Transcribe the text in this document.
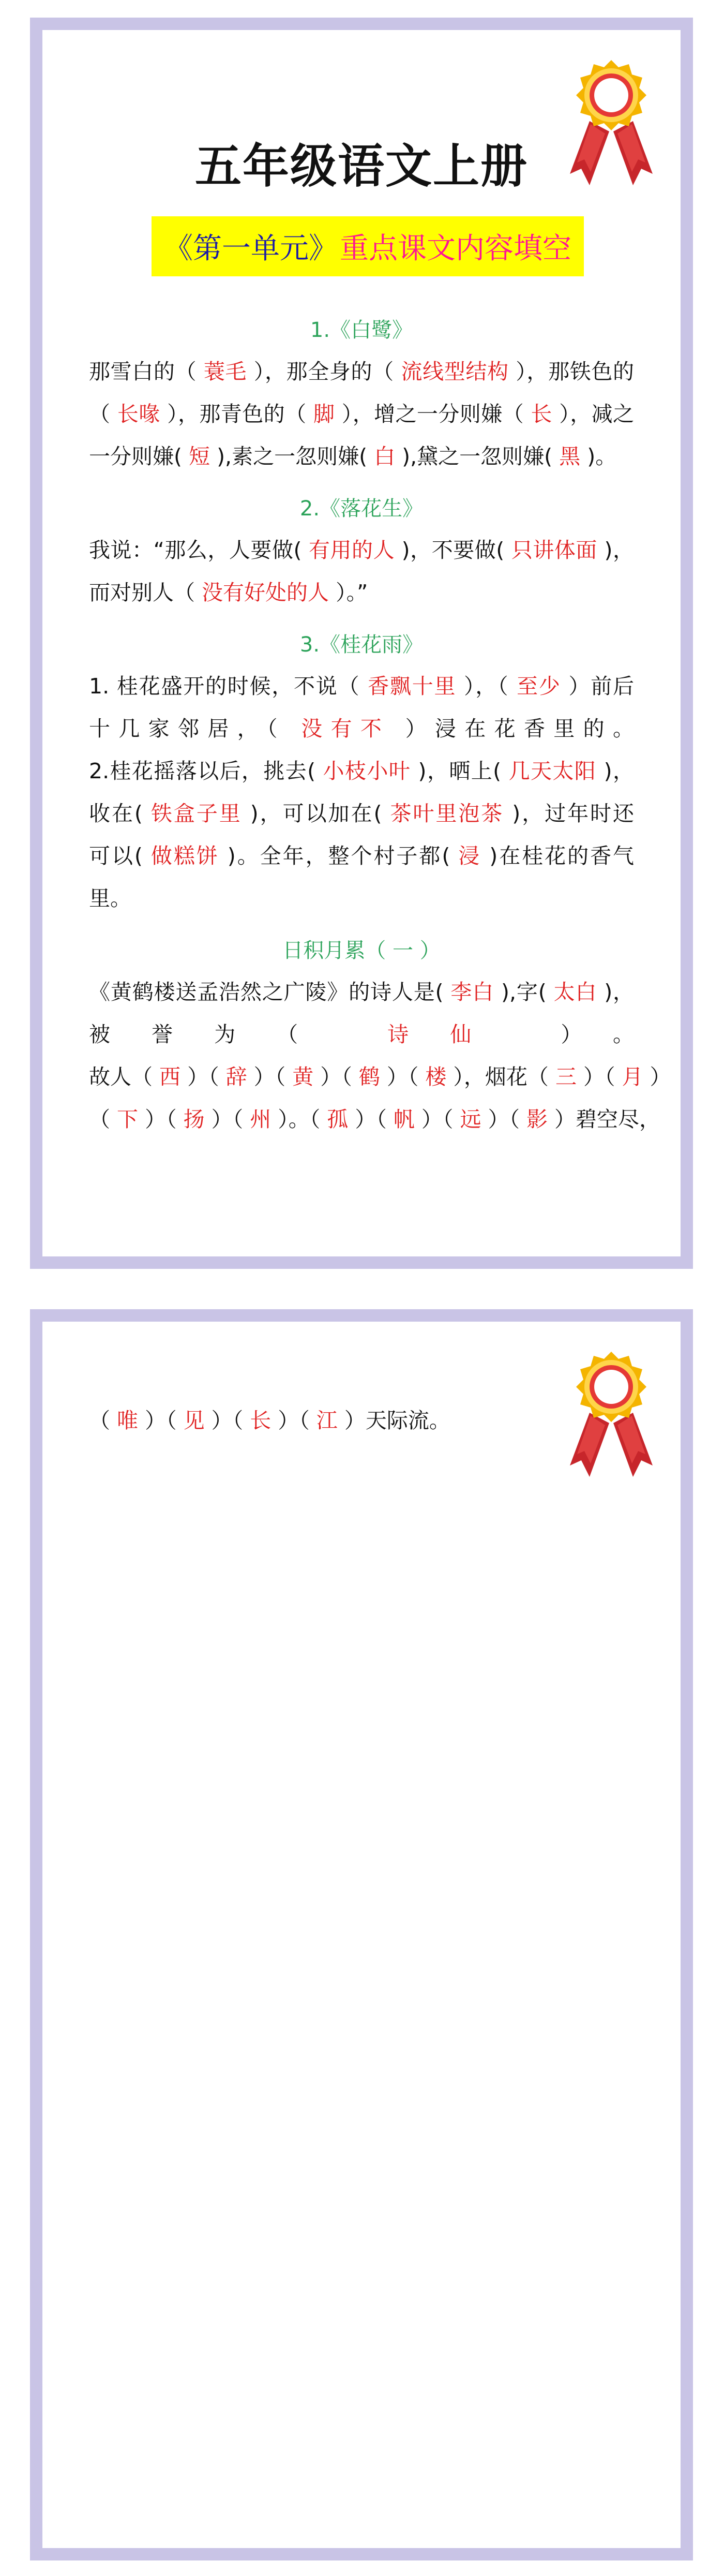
五年级语文上册
《第一单元》 重点课文内容填空
1.《白鹭》
那雪白的（ 蓑毛 ），那全身的（ 流线型结构 ），那铁色的
（ 长喙 ），那青色的（ 脚 ），增之一分则嫌（ 长 ），减之
一分则嫌( 短 ),素之一忽则嫌( 白 ),黛之一忽则嫌( 黑 )。
2.《落花生》
我说：“那么，人要做( 有用的人 )，不要做( 只讲体面 )，
而对别人（ 没有好处的人 ）。”
3.《桂花雨》
1. 桂花盛开的时候，不说（ 香飘十里 ），（ 至少 ）前后
十几家邻居，（ 没有不 ）浸在花香里的。
2.桂花摇落以后，挑去( 小枝小叶 )，晒上( 几天太阳 )，
收在( 铁盒子里 )，可以加在( 茶叶里泡茶 )，过年时还
可以( 做糕饼 )。全年，整个村子都( 浸 )在桂花的香气
里。
日积月累（ 一 ）
《黄鹤楼送孟浩然之广陵》的诗人是( 李白 ),字( 太白 )，
被誉为（ 诗仙 ）。
故人（ 西 ）（ 辞 ）（ 黄 ）（ 鹤 ）（ 楼 ），烟花（ 三 ）（ 月 ）
（ 下 ）（ 扬 ）（ 州 ）。（ 孤 ）（ 帆 ）（ 远 ）（ 影 ）碧空尽，
（ 唯 ）（ 见 ）（ 长 ）（ 江 ）天际流。
